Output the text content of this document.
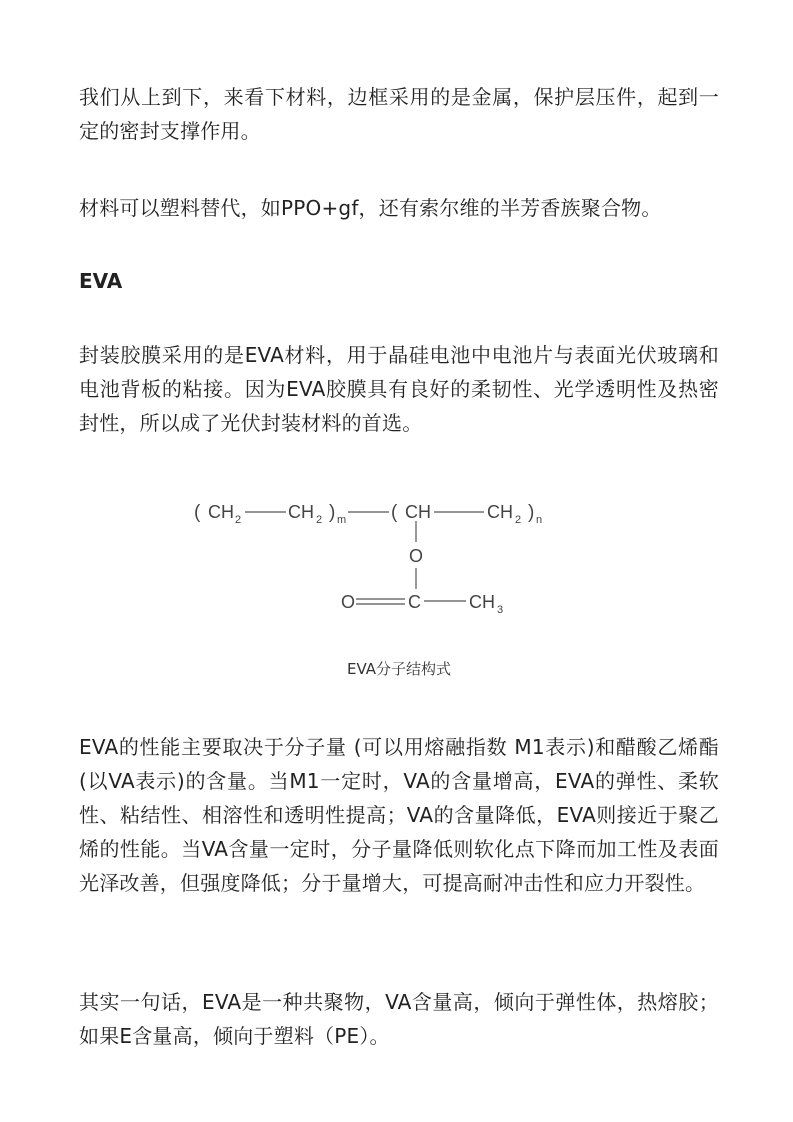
我们从上到下，来看下材料，边框采用的是金属，保护层压件，起到一定的密封支撑作用。

材料可以塑料替代，如PPO+gf，还有索尔维的半芳香族聚合物。

EVA

封装胶膜采用的是EVA材料，用于晶硅电池中电池片与表面光伏玻璃和电池背板的粘接。因为EVA胶膜具有良好的柔韧性、光学透明性及热密封性，所以成了光伏封装材料的首选。

( CH 2	CH 2 ) m ( CH	CH 2 ) n
O
O	C	CH 3
EVA分子结构式

EVA的性能主要取决于分子量 (可以用熔融指数 M1表示)和醋酸乙烯酯 (以VA表示)的含量。当M1一定时，VA的含量增高，EVA的弹性、柔软性、粘结性、相溶性和透明性提高；VA的含量降低，EVA则接近于聚乙烯的性能。当VA含量一定时，分子量降低则软化点下降而加工性及表面光泽改善，但强度降低；分于量增大，可提高耐冲击性和应力开裂性。

其实一句话，EVA是一种共聚物，VA含量高，倾向于弹性体，热熔胶；如果E含量高，倾向于塑料（PE）。
